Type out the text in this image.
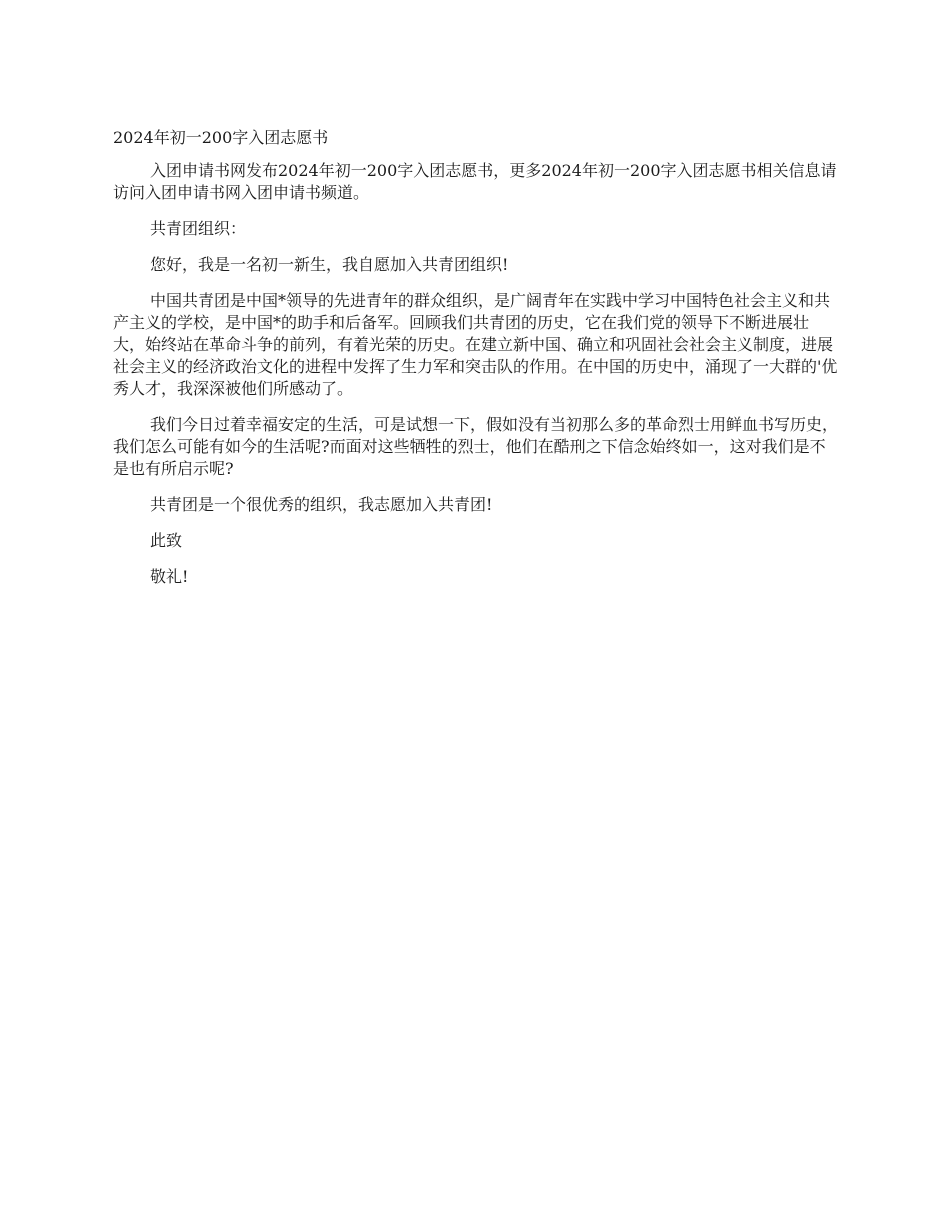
2024年初一200字入团志愿书

入团申请书网发布2024年初一200字入团志愿书，更多2024年初一200字入团志愿书相关信息请访问入团申请书网入团申请书频道。

共青团组织：

您好，我是一名初一新生，我自愿加入共青团组织!

中国共青团是中国*领导的先进青年的群众组织，是广阔青年在实践中学习中国特色社会主义和共产主义的学校，是中国*的助手和后备军。回顾我们共青团的历史，它在我们党的领导下不断进展壮大，始终站在革命斗争的前列，有着光荣的历史。在建立新中国、确立和巩固社会社会主义制度，进展社会主义的经济政治文化的进程中发挥了生力军和突击队的作用。在中国的历史中，涌现了一大群的'优秀人才，我深深被他们所感动了。

我们今日过着幸福安定的生活，可是试想一下，假如没有当初那么多的革命烈士用鲜血书写历史，我们怎么可能有如今的生活呢?而面对这些牺牲的烈士，他们在酷刑之下信念始终如一，这对我们是不是也有所启示呢?

共青团是一个很优秀的组织，我志愿加入共青团!

此致

敬礼!
